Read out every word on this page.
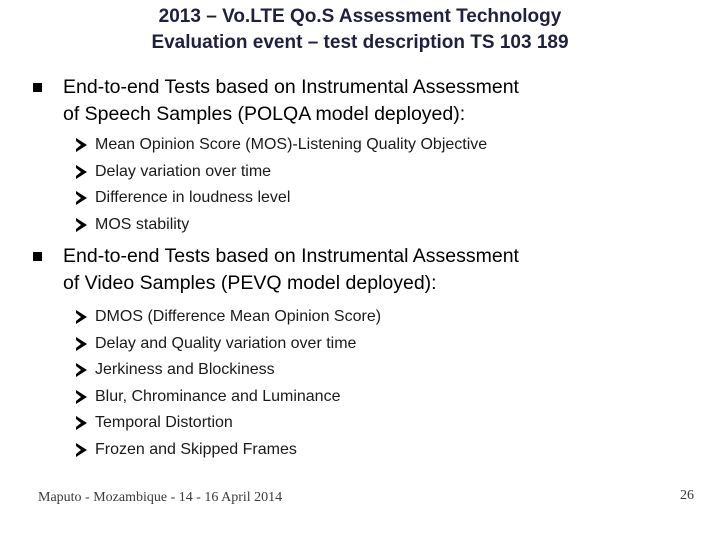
2013 – Vo.LTE Qo.S Assessment Technology
Evaluation event – test description TS 103 189
End-to-end Tests based on Instrumental Assessment
of Speech Samples (POLQA model deployed):
Mean Opinion Score (MOS)-Listening Quality Objective
Delay variation over time
Difference in loudness level
MOS stability
End-to-end Tests based on Instrumental Assessment
of Video Samples (PEVQ model deployed):
DMOS (Difference Mean Opinion Score)
Delay and Quality variation over time
Jerkiness and Blockiness
Blur, Chrominance and Luminance
Temporal Distortion
Frozen and Skipped Frames
Maputo - Mozambique - 14 - 16 April 2014	26
